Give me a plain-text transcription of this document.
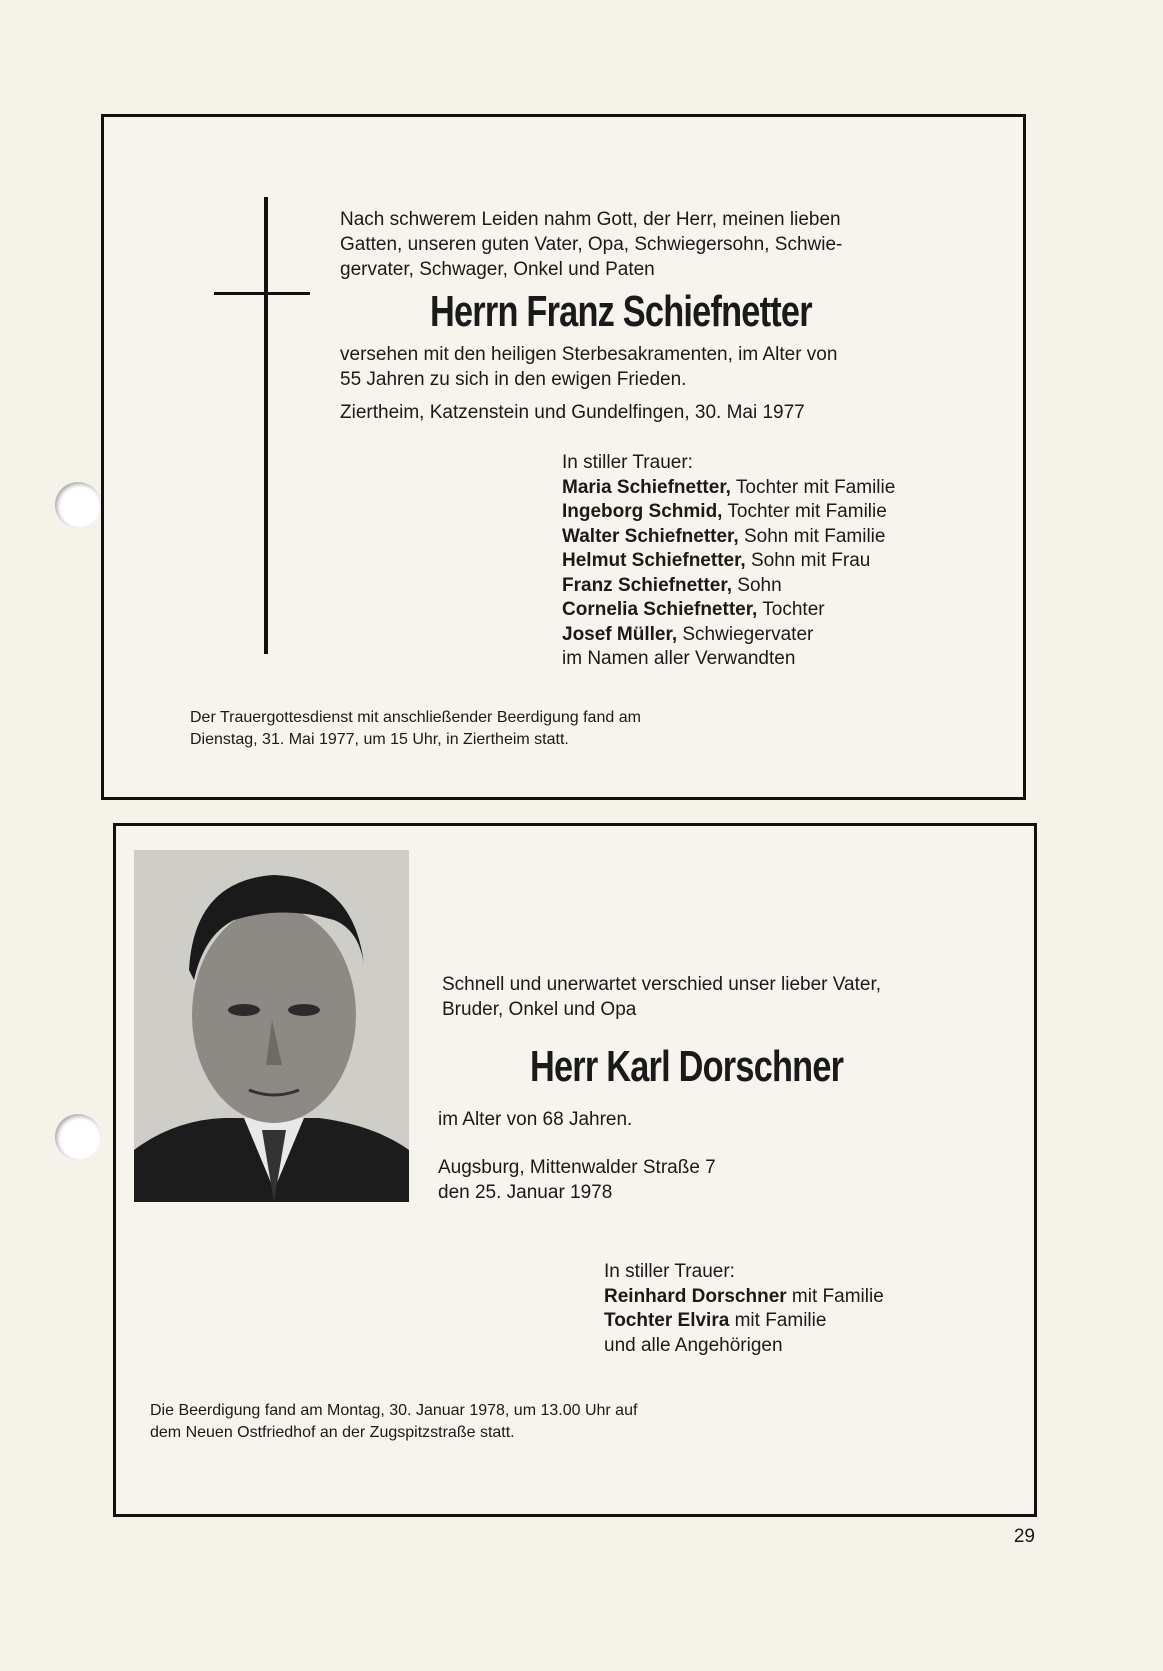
Nach schwerem Leiden nahm Gott, der Herr, meinen lieben
Gatten, unseren guten Vater, Opa, Schwiegersohn, Schwie-
gervater, Schwager, Onkel und Paten
Herrn Franz Schiefnetter
versehen mit den heiligen Sterbesakramenten, im Alter von
55 Jahren zu sich in den ewigen Frieden.
Ziertheim, Katzenstein und Gundelfingen, 30. Mai 1977
In stiller Trauer:
Maria Schiefnetter, Tochter mit Familie
Ingeborg Schmid, Tochter mit Familie
Walter Schiefnetter, Sohn mit Familie
Helmut Schiefnetter, Sohn mit Frau
Franz Schiefnetter, Sohn
Cornelia Schiefnetter, Tochter
Josef Müller, Schwiegervater
im Namen aller Verwandten
Der Trauergottesdienst mit anschließender Beerdigung fand am
Dienstag, 31. Mai 1977, um 15 Uhr, in Ziertheim statt.
Schnell und unerwartet verschied unser lieber Vater,
Bruder, Onkel und Opa
Herr Karl Dorschner
im Alter von 68 Jahren.
Augsburg, Mittenwalder Straße 7
den 25. Januar 1978
In stiller Trauer:
Reinhard Dorschner mit Familie
Tochter Elvira mit Familie
und alle Angehörigen
Die Beerdigung fand am Montag, 30. Januar 1978, um 13.00 Uhr auf
dem Neuen Ostfriedhof an der Zugspitzstraße statt.
29
